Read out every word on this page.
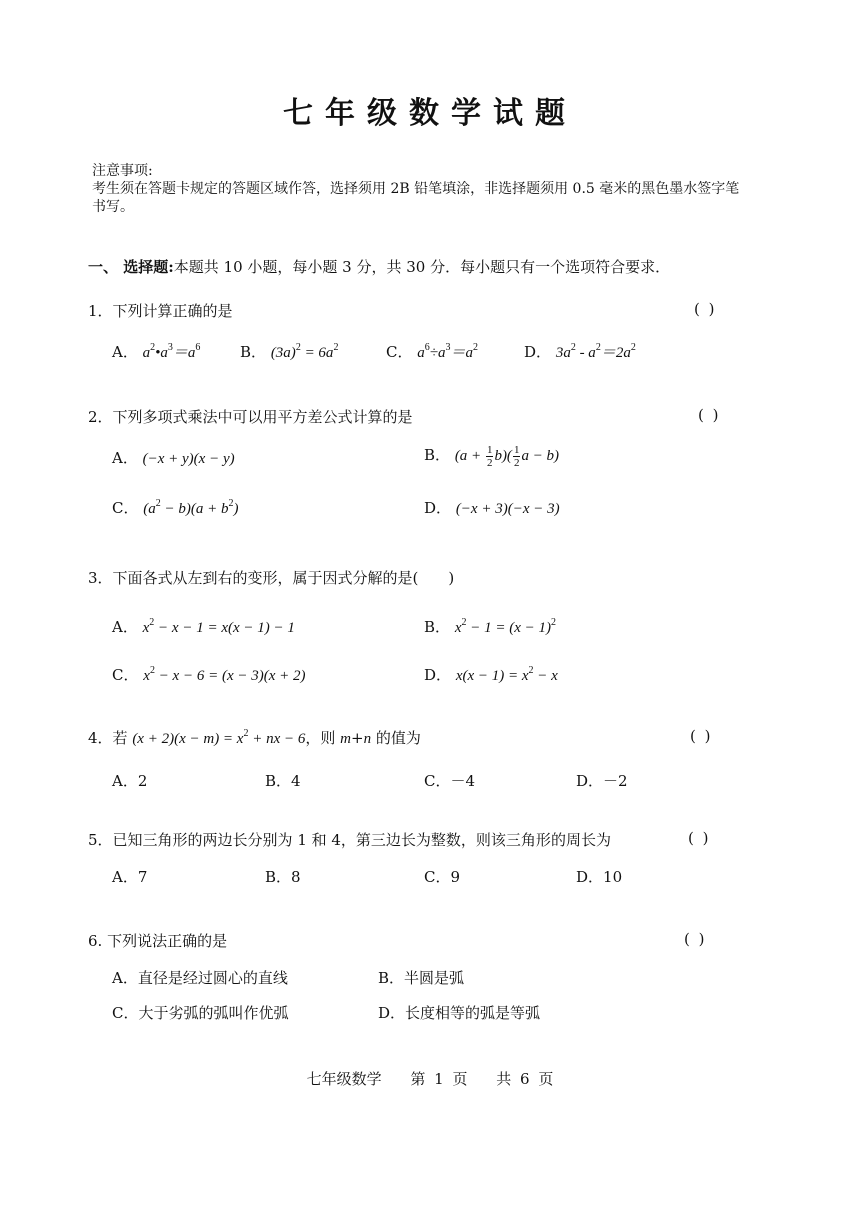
七年级数学试题
注意事项:
考生须在答题卡规定的答题区域作答，选择须用 2B 铅笔填涂，非选择题须用 0.5 毫米的黑色墨水签字笔书写。
一、 选择题:本题共 10 小题，每小题 3 分，共 30 分．每小题只有一个选项符合要求．
1．下列计算正确的是	( )
A． $a^2•a^3=a^6$	B． $(3a)^2 = 6a^2$	C． $a^6\div a^3=a^2$	D． $3a^2 - a^2=2a^2$
2．下列多项式乘法中可以用平方差公式计算的是	( )
A． (−x + y)(x − y)	B． $(a + \frac{1}{2} b)( \frac{1}{2}$ a − b)
C． $(a^2 - b)(a + b^2)$	D． (−x + 3)(−x − 3)
3．下面各式从左到右的变形，属于因式分解的是(　　)
A． $x^2 - x - 1 = x(x - 1) - 1$	B． $x^2 - 1 = (x - 1)^2$
C． $x^2 - x - 6 = (x - 3)(x + 2)$	D． $x(x - 1) = x^2 - x$
4．若 $(x + 2)(x - m) = x^2$ + nx − 6，则 m+n 的值为	( )
A．2	B．4	C．－4	D．－2
5．已知三角形的两边长分别为 1 和 4，第三边长为整数，则该三角形的周长为	( )
A．7	B．8	C．9	D．10
6. 下列说法正确的是	( )
A．直径是经过圆心的直线	B．半圆是弧
C．大于劣弧的弧叫作优弧	D．长度相等的弧是等弧
七年级数学 第 1 页 共 6 页
